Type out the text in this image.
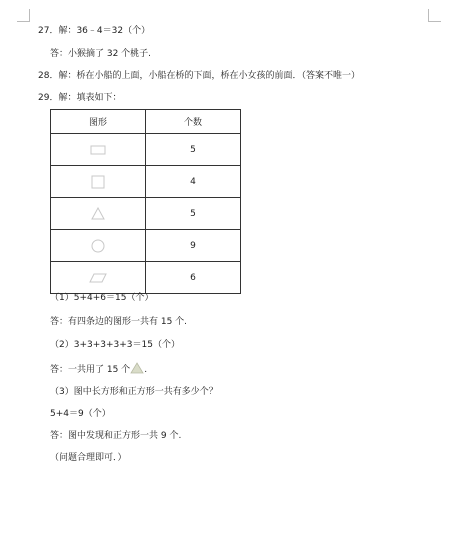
27．解：36﹣4＝32（个）
答：小猴摘了 32 个桃子.
28．解：桥在小船的上面，小船在桥的下面，桥在小女孩的前面．（答案不唯一）
29．解：填表如下：
图形	个数

	5

	4

	5

	9

	6
（1）5+4+6＝15（个）
答：有四条边的图形一共有 15 个.
（2）3+3+3+3+3＝15（个）
答：一共用了 15 个 .
（3）图中长方形和正方形一共有多少个？
5+4＝9（个）
答：图中发现和正方形一共 9 个.
（问题合理即可．）
